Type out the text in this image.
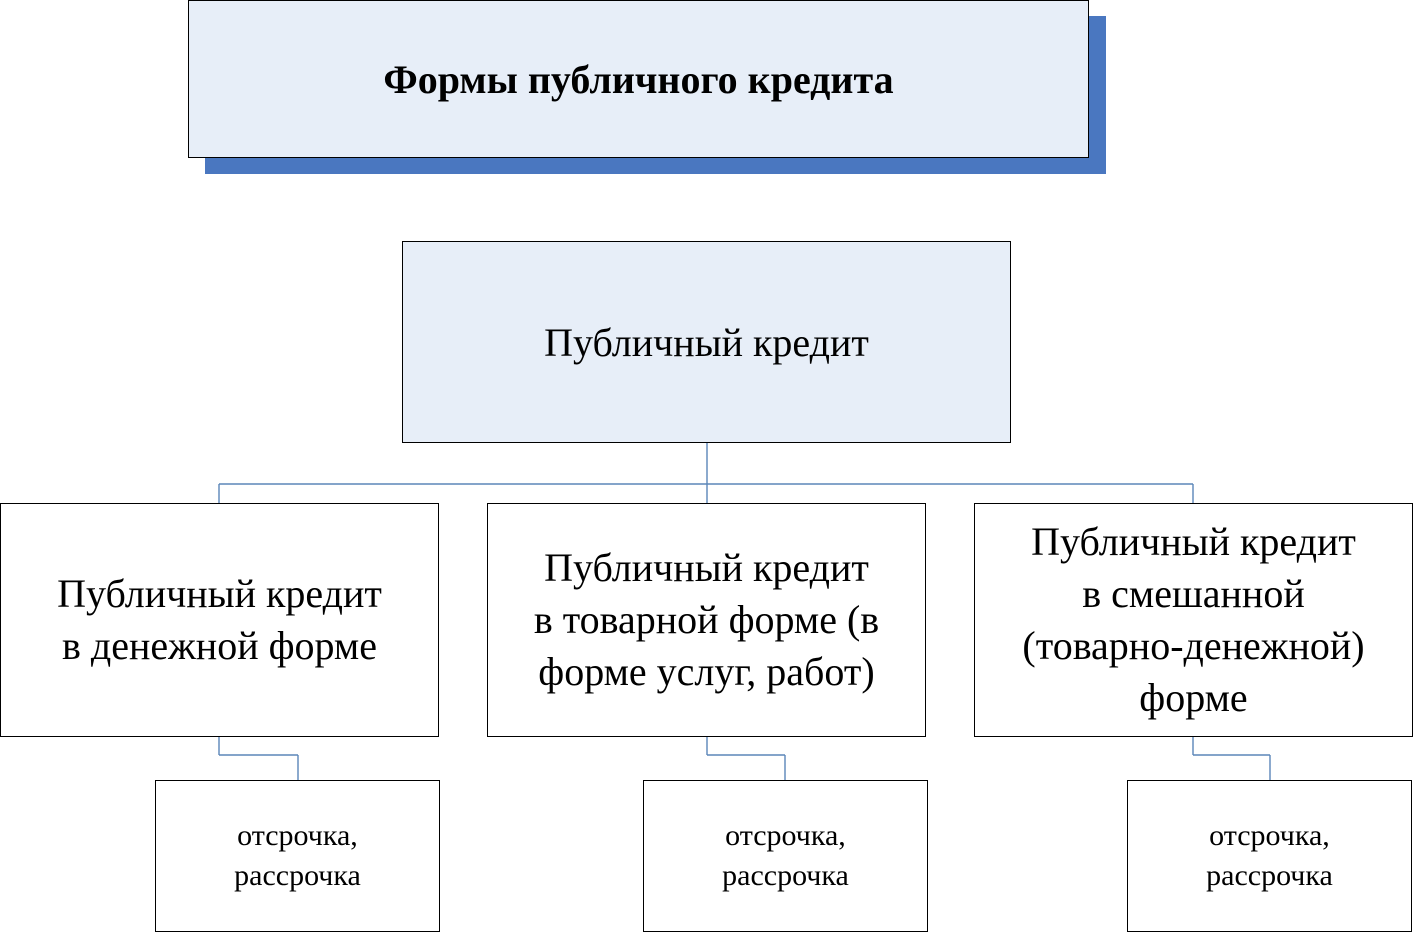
Формы публичного кредита
Публичный кредит
Публичный кредит
в денежной форме
Публичный кредит
в товарной форме (в
форме услуг, работ)
Публичный кредит
в смешанной
(товарно-денежной)
форме
отсрочка,
рассрочка
отсрочка,
рассрочка
отсрочка,
рассрочка
